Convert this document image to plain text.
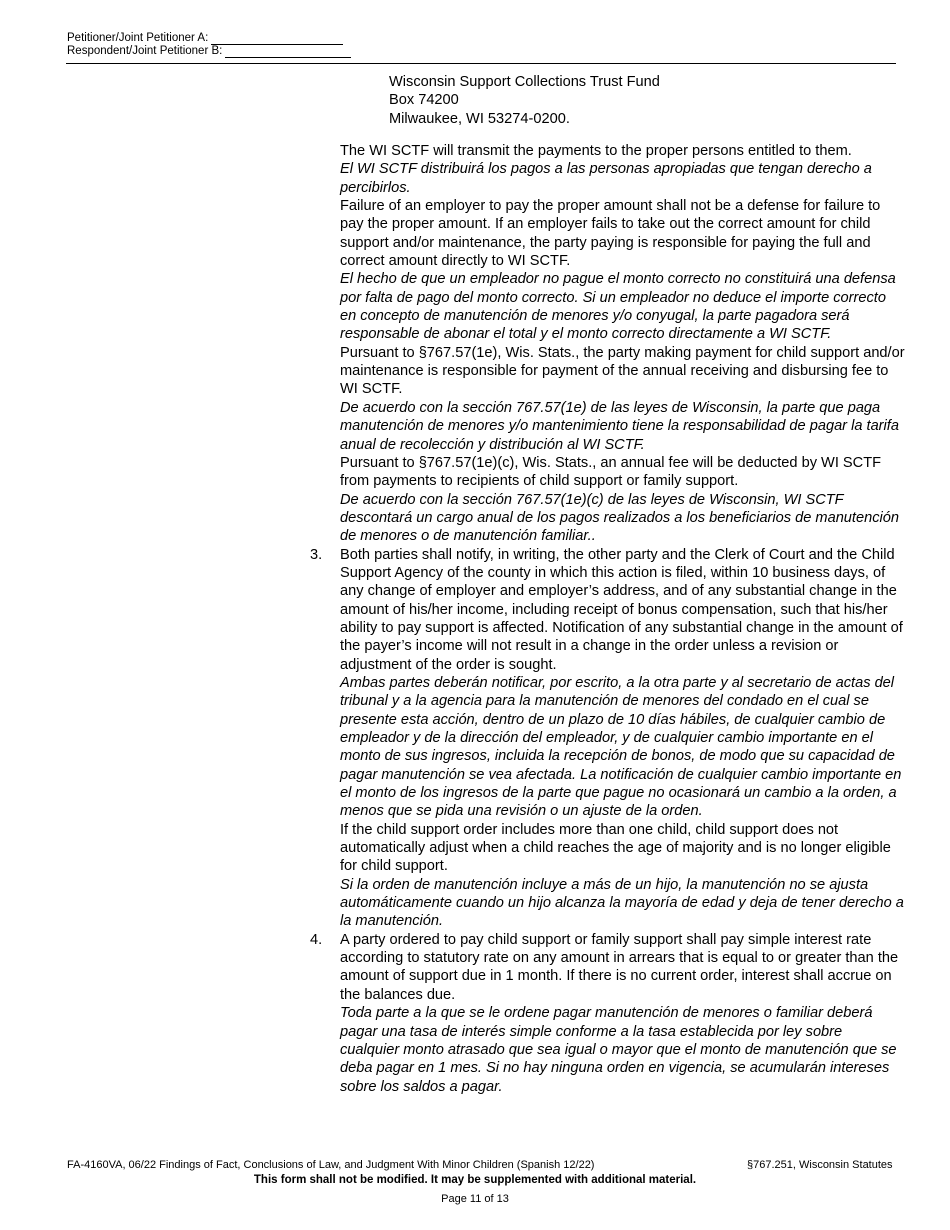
Petitioner/Joint Petitioner A:
Respondent/Joint Petitioner B:
Wisconsin Support Collections Trust Fund
Box 74200
Milwaukee, WI 53274-0200.

The WI SCTF will transmit the payments to the proper persons entitled to them.

El WI SCTF distribuirá los pagos a las personas apropiadas que tengan derecho a percibirlos.

Failure of an employer to pay the proper amount shall not be a defense for failure to pay the proper amount. If an employer fails to take out the correct amount for child support and/or maintenance, the party paying is responsible for paying the full and correct amount directly to WI SCTF.

El hecho de que un empleador no pague el monto correcto no constituirá una defensa por falta de pago del monto correcto. Si un empleador no deduce el importe correcto en concepto de manutención de menores y/o conyugal, la parte pagadora será responsable de abonar el total y el monto correcto directamente a WI SCTF.

Pursuant to §767.57(1e), Wis. Stats., the party making payment for child support and/or maintenance is responsible for payment of the annual receiving and disbursing fee to WI SCTF.

De acuerdo con la sección 767.57(1e) de las leyes de Wisconsin, la parte que paga manutención de menores y/o mantenimiento tiene la responsabilidad de pagar la tarifa anual de recolección y distribución al WI SCTF.

Pursuant to §767.57(1e)(c), Wis. Stats., an annual fee will be deducted by WI SCTF from payments to recipients of child support or family support.

De acuerdo con la sección 767.57(1e)(c) de las leyes de Wisconsin, WI SCTF descontará un cargo anual de los pagos realizados a los beneficiarios de manutención de menores o de manutención familiar..

3. Both parties shall notify, in writing, the other party and the Clerk of Court and the Child Support Agency of the county in which this action is filed, within 10 business days, of any change of employer and employer’s address, and of any substantial change in the amount of his/her income, including receipt of bonus compensation, such that his/her ability to pay support is affected. Notification of any substantial change in the amount of the payer’s income will not result in a change in the order unless a revision or adjustment of the order is sought.

Ambas partes deberán notificar, por escrito, a la otra parte y al secretario de actas del tribunal y a la agencia para la manutención de menores del condado en el cual se presente esta acción, dentro de un plazo de 10 días hábiles, de cualquier cambio de empleador y de la dirección del empleador, y de cualquier cambio importante en el monto de sus ingresos, incluida la recepción de bonos, de modo que su capacidad de pagar manutención se vea afectada. La notificación de cualquier cambio importante en el monto de los ingresos de la parte que pague no ocasionará un cambio a la orden, a menos que se pida una revisión o un ajuste de la orden.

If the child support order includes more than one child, child support does not automatically adjust when a child reaches the age of majority and is no longer eligible for child support.

Si la orden de manutención incluye a más de un hijo, la manutención no se ajusta automáticamente cuando un hijo alcanza la mayoría de edad y deja de tener derecho a la manutención.

4. A party ordered to pay child support or family support shall pay simple interest rate according to statutory rate on any amount in arrears that is equal to or greater than the amount of support due in 1 month. If there is no current order, interest shall accrue on the balances due.

Toda parte a la que se le ordene pagar manutención de menores o familiar deberá pagar una tasa de interés simple conforme a la tasa establecida por ley sobre cualquier monto atrasado que sea igual o mayor que el monto de manutención que se deba pagar en 1 mes. Si no hay ninguna orden en vigencia, se acumularán intereses sobre los saldos a pagar.

FA-4160VA, 06/22 Findings of Fact, Conclusions of Law, and Judgment With Minor Children (Spanish 12/22)	§767.251, Wisconsin Statutes
This form shall not be modified. It may be supplemented with additional material.
Page 11 of 13
